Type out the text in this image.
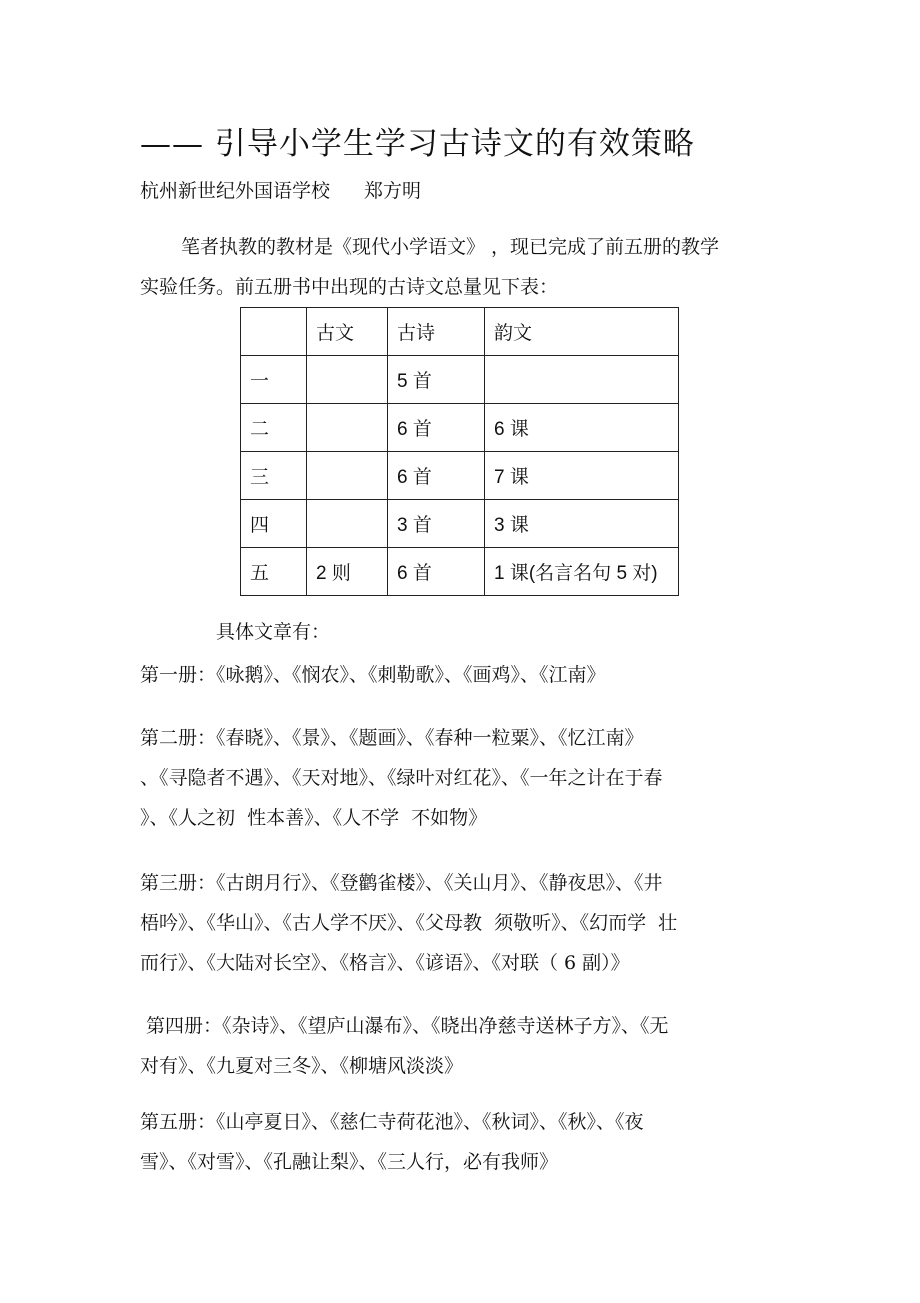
—— 引导小学生学习古诗文的有效策略
杭州新世纪外国语学校 郑方明
笔者执教的教材是《现代小学语文》 ，现已完成了前五册的教学
实验任务。前五册书中出现的古诗文总量见下表：
	古文	古诗	韵文
一		5 首	
二		6 首	6 课
三		6 首	7 课
四		3 首	3 课
五	2 则	6 首	1 课(名言名句 5 对)
具体文章有：
第一册：《咏鹅》、《悯农》、《刺勒歌》、《画鸡》、《江南》
第二册：《春晓》、《景》、《题画》、《春种一粒粟》、《忆江南》
、《寻隐者不遇》、《天对地》、《绿叶对红花》、《一年之计在于春
》、《人之初  性本善》、《人不学  不如物》
第三册：《古朗月行》、《登鹳雀楼》、《关山月》、《静夜思》、《井
梧吟》、《华山》、《古人学不厌》、《父母教  须敬听》、《幻而学  壮
而行》、《大陆对长空》、《格言》、《谚语》、《对联（ 6 副）》
第四册：《杂诗》、《望庐山瀑布》、《晓出净慈寺送林子方》、《无
对有》、《九夏对三冬》、《柳塘风淡淡》
第五册：《山亭夏日》、《慈仁寺荷花池》、《秋词》、《秋》、《夜
雪》、《对雪》、《孔融让梨》、《三人行，必有我师》
